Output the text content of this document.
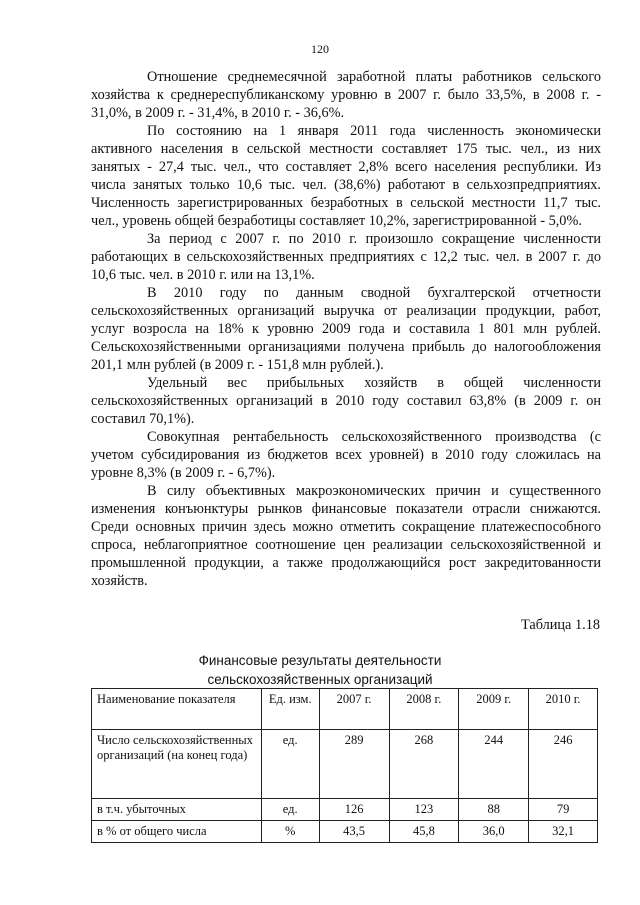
120

Отношение среднемесячной заработной платы работников сельского хозяйства к среднереспубликанскому уровню в 2007 г. было 33,5%, в 2008 г. - 31,0%, в 2009 г. - 31,4%, в 2010 г. - 36,6%.

По состоянию на 1 января 2011 года численность экономически активного населения в сельской местности составляет 175 тыс. чел., из них занятых - 27,4 тыс. чел., что составляет 2,8% всего населения республики. Из числа занятых только 10,6 тыс. чел. (38,6%) работают в сельхозпредприятиях. Численность зарегистрированных безработных в сельской местности 11,7 тыс. чел., уровень общей безработицы составляет 10,2%, зарегистрированной - 5,0%.

За период с 2007 г. по 2010 г. произошло сокращение численности работающих в сельскохозяйственных предприятиях с 12,2 тыс. чел. в 2007 г. до 10,6 тыс. чел. в 2010 г. или на 13,1%.

В 2010 году по данным сводной бухгалтерской отчетности сельскохозяйственных организаций выручка от реализации продукции, работ, услуг возросла на 18% к уровню 2009 года и составила 1 801 млн рублей. Сельскохозяйственными организациями получена прибыль до налогообложения 201,1 млн рублей (в 2009 г. - 151,8 млн рублей.).

Удельный вес прибыльных хозяйств в общей численности сельскохозяйственных организаций в 2010 году составил 63,8% (в 2009 г. он составил 70,1%).

Совокупная рентабельность сельскохозяйственного производства (с учетом субсидирования из бюджетов всех уровней) в 2010 году сложилась на уровне 8,3% (в 2009 г. - 6,7%).

В силу объективных макроэкономических причин и существенного изменения конъюнктуры рынков финансовые показатели отрасли снижаются. Среди основных причин здесь можно отметить сокращение платежеспособного спроса, неблагоприятное соотношение цен реализации сельскохозяйственной и промышленной продукции, а также продолжающийся рост закредитованности хозяйств.

Таблица 1.18
Финансовые результаты деятельности
сельскохозяйственных организаций
Наименование показателя	Ед. изм.	2007 г.	2008 г.	2009 г.	2010 г.
Число сельскохозяйственных организаций (на конец года)	ед.	289	268	244	246
в т.ч. убыточных	ед.	126	123	88	79
в % от общего числа	%	43,5	45,8	36,0	32,1
